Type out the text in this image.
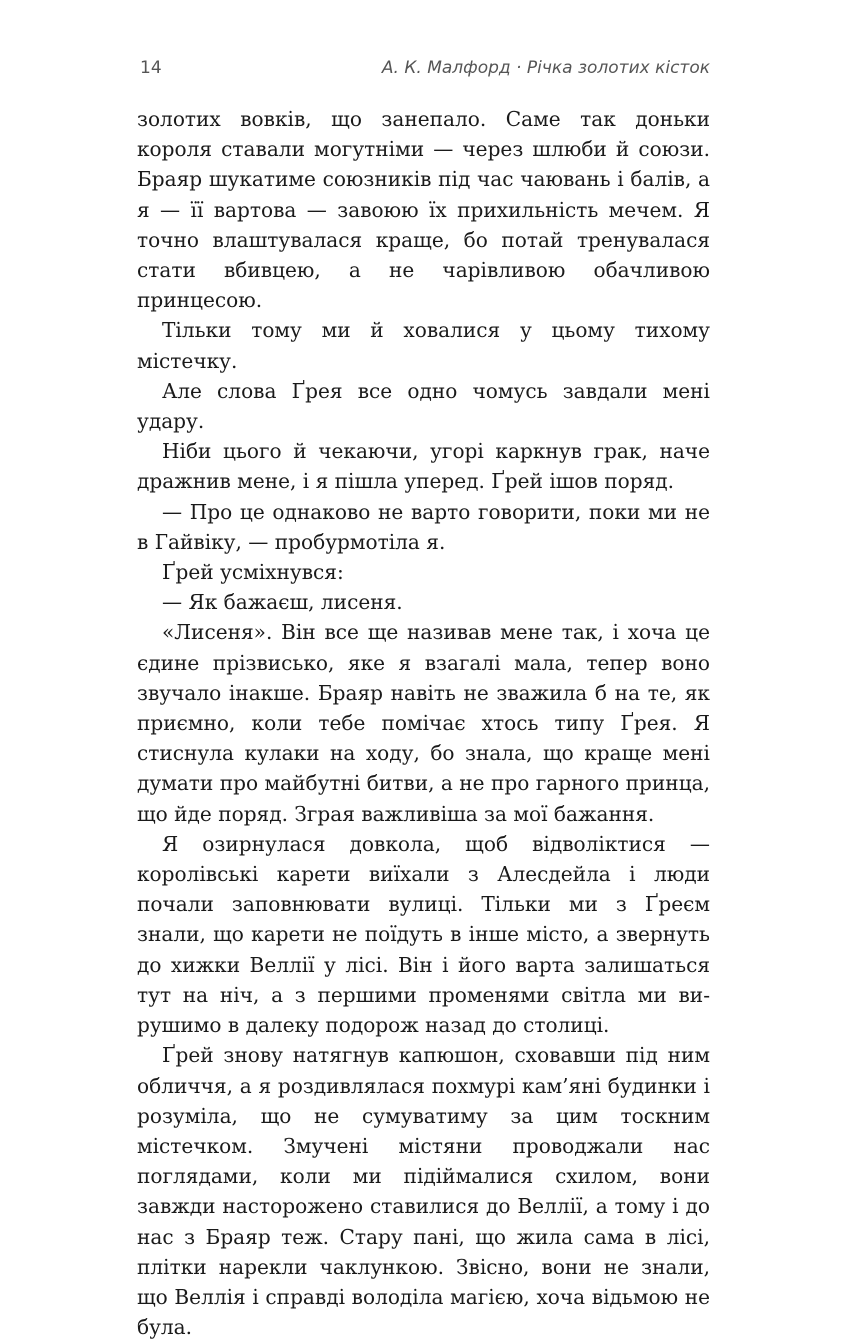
14	А. К. Малфорд · Річка золотих кісток

золотих вовків, що занепало. Саме так доньки короля ставали могутніми — через шлюби й союзи. Браяр шукатиме союзників під час чаювань і балів, а я — її вартова — завоюю їх прихильність мечем. Я точно влаштувалася краще, бо потай тренувалася стати вбивцею, а не чарівливою обачливою принцесою.

Тільки тому ми й ховалися у цьому тихому містечку.

Але слова Ґрея все одно чомусь завдали мені удару.

Ніби цього й чекаючи, угорі каркнув грак, наче дражнив мене, і я пішла уперед. Ґрей ішов поряд.

— Про це однаково не варто говорити, поки ми не в Гайвіку, — пробурмотіла я.

Ґрей усміхнувся:

— Як бажаєш, лисеня.

«Лисеня». Він все ще називав мене так, і хоча це єдине прізвисько, яке я взагалі мала, тепер воно звучало інакше. Браяр навіть не зважила б на те, як приємно, коли тебе помічає хтось типу Ґрея. Я стиснула кулаки на ходу, бо знала, що краще мені думати про майбутні битви, а не про гарного принца, що йде поряд. Зграя важливіша за мої бажання.

Я озирнулася довкола, щоб відволіктися — королівські карети виїхали з Алесдейла і люди почали заповнювати вулиці. Тільки ми з Ґреєм знали, що карети не поїдуть в інше місто, а звернуть до хижки Веллії у лісі. Він і його варта залишаться тут на ніч, а з першими променями світла ми вирушимо в далеку подорож назад до столиці.

Ґрей знову натягнув капюшон, сховавши під ним обличчя, а я роздивлялася похмурі кам’яні будинки і розуміла, що не сумуватиму за цим тоскним містечком. Змучені містяни проводжали нас поглядами, коли ми підіймалися схилом, вони завжди настороженo ставилися до Веллії, а тому і до нас з Браяр теж. Стару пані, що жила сама в лісі, плітки нарекли чаклункою. Звісно, вони не знали, що Веллія і справді володіла магією, хоча відьмою не була.
